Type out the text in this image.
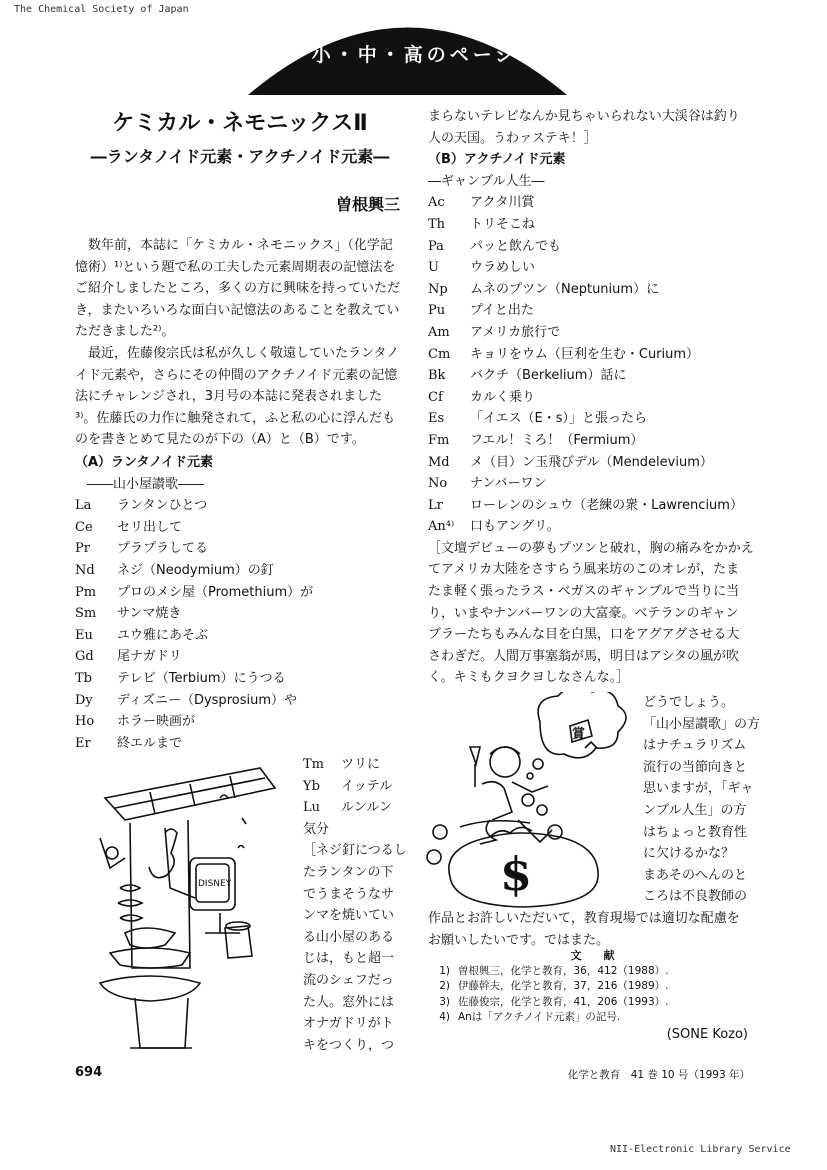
The Chemical Society of Japan
小・中・高のページ
ケミカル・ネモニックスⅡ
―ランタノイド元素・アクチノイド元素―
曽根興三

数年前，本誌に「ケミカル・ネモニックス」（化学記憶術）¹⁾という題で私の工夫した元素周期表の記憶法をご紹介しましたところ，多くの方に興味を持っていただき，またいろいろな面白い記憶法のあることを教えていただきました²⁾。

最近，佐藤俊宗氏は私が久しく敬遠していたランタノイド元素や，さらにその仲間のアクチノイド元素の記憶法にチャレンジされ，3月号の本誌に発表されました³⁾。佐藤氏の力作に触発されて，ふと私の心に浮んだものを書きとめて見たのが下の（A）と（B）です。

（A）ランタノイド元素
――山小屋讃歌――
La ランタンひとつ
Ce セリ出して
Pr プラプラしてる
Nd ネジ（Neodymium）の釘
Pm プロのメシ屋（Promethium）が
Sm サンマ焼き
Eu ユウ雅にあそぶ
Gd 尾ナガドリ
Tb テレビ（Terbium）にうつる
Dy ディズニー（Dysprosium）や
Ho ホラー映画が
Er 終エルまで
Tm ツリに
Yb イッテル
Lu ルンルン
気分
［ネジ釘につるし
たランタンの下
でうまそうなサ
ンマを焼いてい
る山小屋のある
じは，もと超一
流のシェフだっ
た人。窓外には
オナガドリがト
キをつくり，つ
DISNEY
まらないテレビなんか見ちゃいられない大渓谷は釣り
人の天国。うわァステキ！］
（B）アクチノイド元素
―ギャンブル人生―
Ac アクタ川賞
Th トリそこね
Pa パッと飲んでも
U ウラめしい
Np ムネのプツン（Neptunium）に
Pu プイと出た
Am アメリカ旅行で
Cm キョリをウム（巨利を生む・Curium）
Bk バクチ（Berkelium）話に
Cf カルく乗り
Es 「イエス（E・s）」と張ったら
Fm フエル！ミろ！（Fermium）
Md メ（目）ン玉飛びデル（Mendelevium）
No ナンバーワン
Lr ローレンのシュウ（老練の衆・Lawrencium）
An⁴⁾ 口もアングリ。
［文壇デビューの夢もプツンと破れ，胸の痛みをかかえ
てアメリカ大陸をさすらう風来坊のこのオレが，たま
たま軽く張ったラス・ベガスのギャンブルで当りに当
り，いまやナンバーワンの大富豪。ベテランのギャン
ブラーたちもみんな目を白黒，口をアグアグさせる大
さわぎだ。人間万事塞翁が馬，明日はアシタの風が吹
く。キミもクヨクヨしなさんな。］
賞
$
どうでしょう。
「山小屋讃歌」の方
はナチュラリズム
流行の当節向きと
思いますが，「ギャ
ンブル人生」の方
はちょっと教育性
に欠けるかな？
まあそのへんのと
ころは不良教師の
作品とお許しいただいて，教育現場では適切な配慮を
お願いしたいです。ではまた。
文　　献
1) 曽根興三，化学と教育，36，412（1988）.
2) 伊藤幹夫，化学と教育，37，216（1989）.
3) 佐藤俊宗，化学と教育，41，206（1993）.
4) Anは「アクチノイド元素」の記号.
(SONE Kozo)
694	化学と教育　41 巻 10 号（1993 年）
NII-Electronic Library Service
